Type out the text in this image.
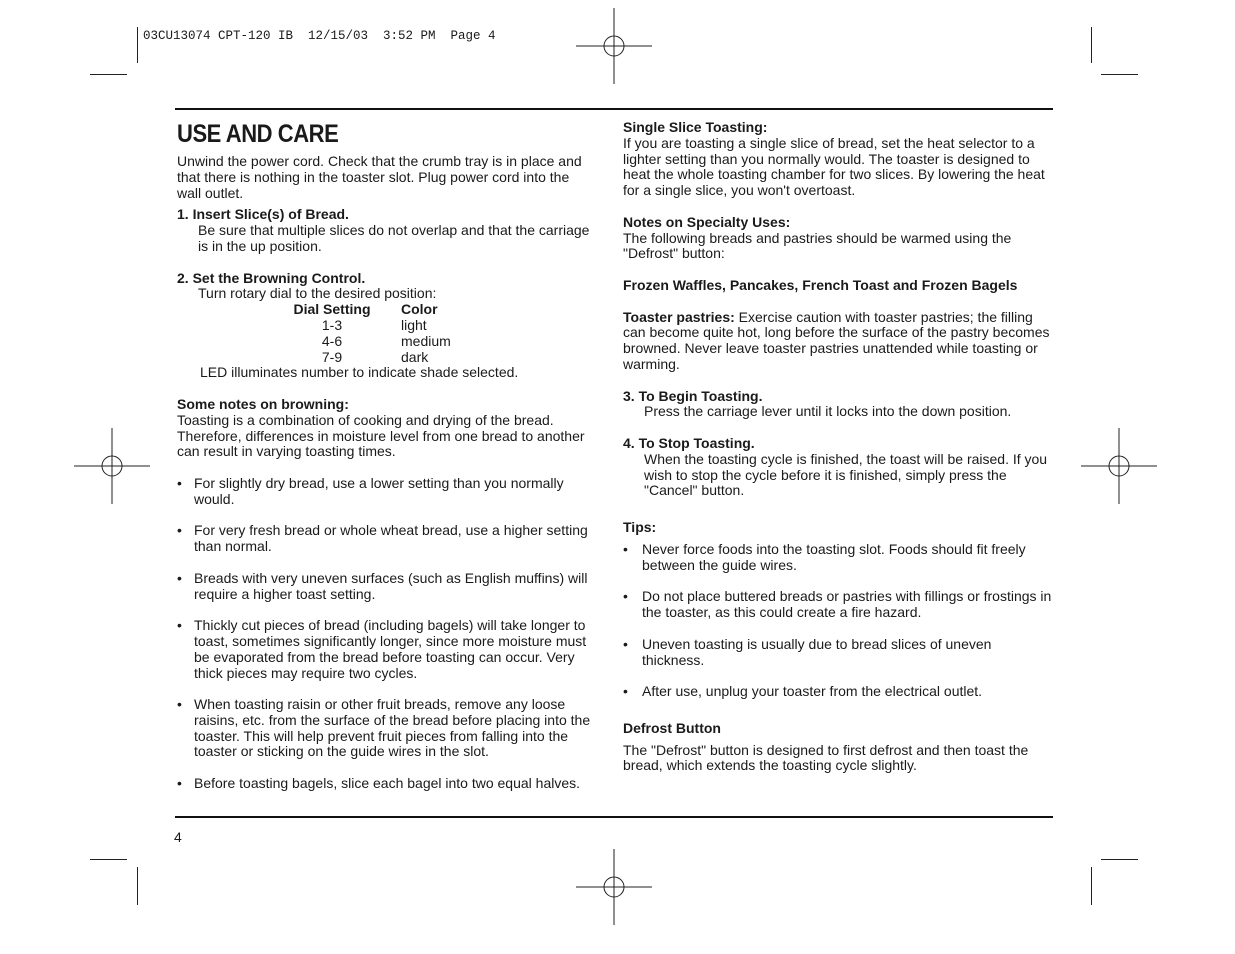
03CU13074 CPT-120 IB  12/15/03  3:52 PM  Page 4
USE AND CARE

Unwind the power cord. Check that the crumb tray is in place and that there is nothing in the toaster slot. Plug power cord into the wall outlet.

1. Insert Slice(s) of Bread.

Be sure that multiple slices do not overlap and that the carriage is in the up position.

2. Set the Browning Control.

Turn rotary dial to the desired position:

Dial Setting	Color
1-3	light
4-6	medium
7-9	dark

LED illuminates number to indicate shade selected.

Some notes on browning:

Toasting is a combination of cooking and drying of the bread. Therefore, differences in moisture level from one bread to another can result in varying toasting times.

• For slightly dry bread, use a lower setting than you normally would.
• For very fresh bread or whole wheat bread, use a higher setting than normal.
• Breads with very uneven surfaces (such as English muffins) will require a higher toast setting.
• Thickly cut pieces of bread (including bagels) will take longer to toast, sometimes significantly longer, since more moisture must be evaporated from the bread before toasting can occur. Very thick pieces may require two cycles.
• When toasting raisin or other fruit breads, remove any loose raisins, etc. from the surface of the bread before placing into the toaster. This will help prevent fruit pieces from falling into the toaster or sticking on the guide wires in the slot.
• Before toasting bagels, slice each bagel into two equal halves.

Single Slice Toasting:

If you are toasting a single slice of bread, set the heat selector to a lighter setting than you normally would. The toaster is designed to heat the whole toasting chamber for two slices. By lowering the heat for a single slice, you won't overtoast.

Notes on Specialty Uses:

The following breads and pastries should be warmed using the "Defrost" button:

Frozen Waffles, Pancakes, French Toast and Frozen Bagels

Toaster pastries: Exercise caution with toaster pastries; the filling can become quite hot, long before the surface of the pastry becomes browned. Never leave toaster pastries unattended while toasting or warming.

3. To Begin Toasting.

Press the carriage lever until it locks into the down position.

4. To Stop Toasting.

When the toasting cycle is finished, the toast will be raised. If you wish to stop the cycle before it is finished, simply press the "Cancel" button.

Tips:

• Never force foods into the toasting slot. Foods should fit freely between the guide wires.
• Do not place buttered breads or pastries with fillings or frostings in the toaster, as this could create a fire hazard.
• Uneven toasting is usually due to bread slices of uneven thickness.
• After use, unplug your toaster from the electrical outlet.

Defrost Button

The "Defrost" button is designed to first defrost and then toast the bread, which extends the toasting cycle slightly.

4
